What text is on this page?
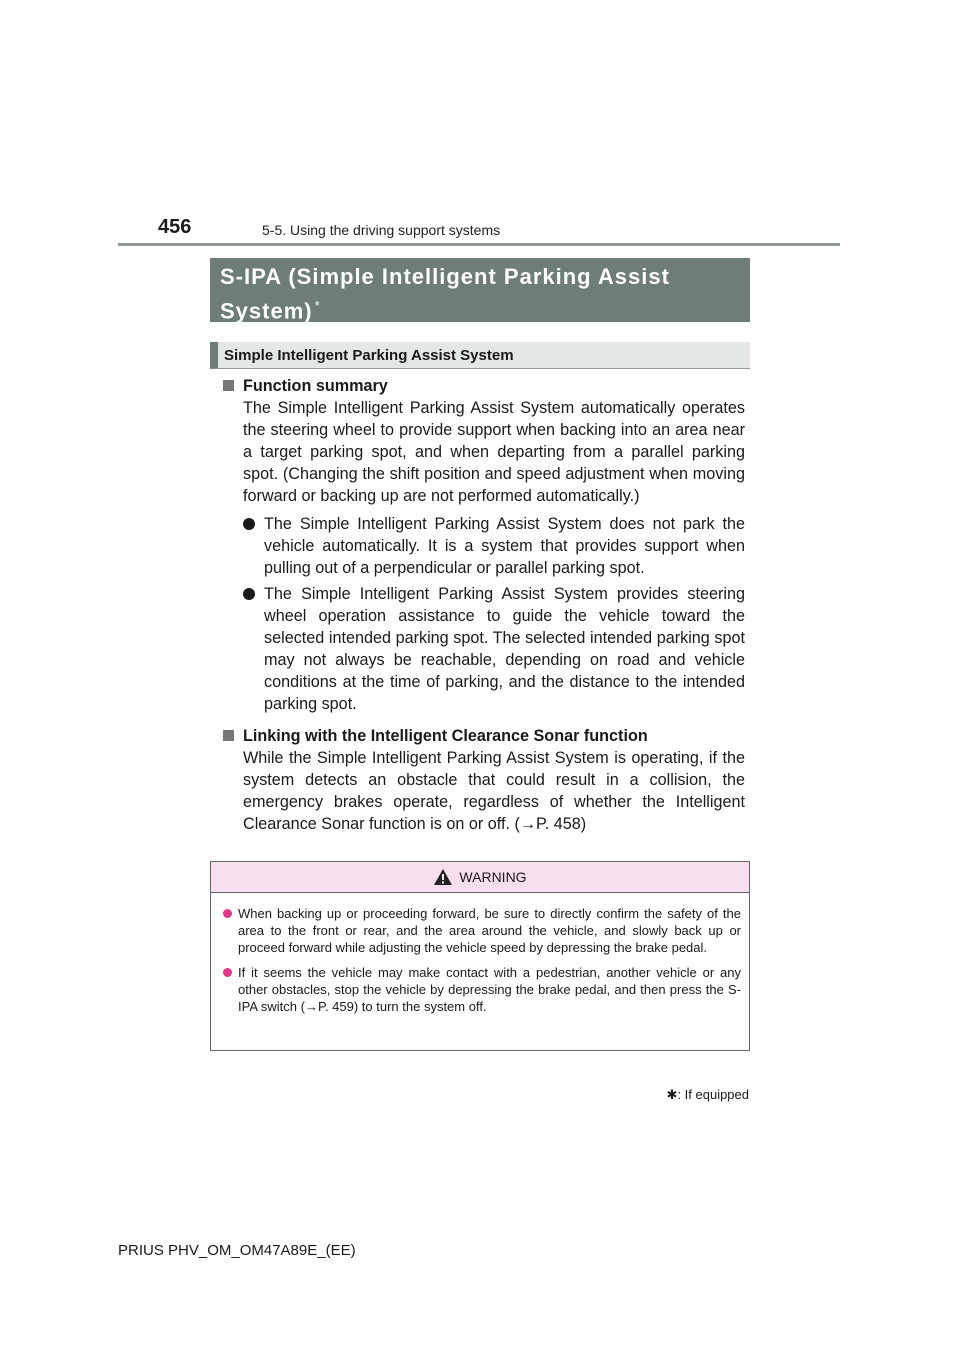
456	5-5. Using the driving support systems
S-IPA (Simple Intelligent Parking Assist System) *
Simple Intelligent Parking Assist System
Function summary

The Simple Intelligent Parking Assist System automatically operates the steering wheel to provide support when backing into an area near a target parking spot, and when departing from a parallel parking spot. (Changing the shift position and speed adjustment when moving forward or backing up are not performed automatically.)

The Simple Intelligent Parking Assist System does not park the vehicle automatically. It is a system that provides support when pulling out of a perpendicular or parallel parking spot.
The Simple Intelligent Parking Assist System provides steering wheel operation assistance to guide the vehicle toward the selected intended parking spot. The selected intended parking spot may not always be reachable, depending on road and vehicle conditions at the time of parking, and the distance to the intended parking spot.
Linking with the Intelligent Clearance Sonar function

While the Simple Intelligent Parking Assist System is operating, if the system detects an obstacle that could result in a collision, the emergency brakes operate, regardless of whether the Intelligent Clearance Sonar function is on or off. (→P. 458)

WARNING
When backing up or proceeding forward, be sure to directly confirm the safety of the area to the front or rear, and the area around the vehicle, and slowly back up or proceed forward while adjusting the vehicle speed by depressing the brake pedal.
If it seems the vehicle may make contact with a pedestrian, another vehicle or any other obstacles, stop the vehicle by depressing the brake pedal, and then press the S-IPA switch (→P. 459) to turn the system off.
✱: If equipped
PRIUS PHV_OM_OM47A89E_(EE)
